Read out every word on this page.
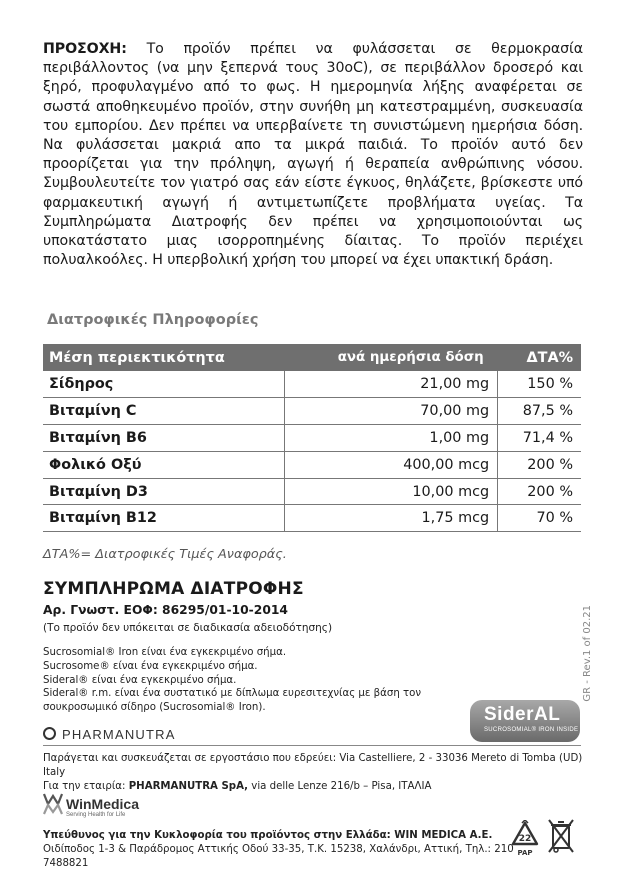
ΠΡΟΣΟΧΗ: Το προϊόν πρέπει να φυλάσσεται σε θερμοκρασία περιβάλλοντος (να μην ξεπερνά τους 30oC), σε περιβάλλον δροσερό και ξηρό, προφυλαγμένο από το φως. Η ημερομηνία λήξης αναφέρεται σε σωστά αποθηκευμένο προϊόν, στην συνήθη μη κατεστραμμένη, συσκευασία του εμπορίου. Δεν πρέπει να υπερβαίνετε τη συνιστώμενη ημερήσια δόση. Να φυλάσσεται μακριά απο τα μικρά παιδιά. Το προϊόν αυτό δεν προορίζεται για την πρόληψη, αγωγή ή θεραπεία ανθρώπινης νόσου. Συμβουλευτείτε τον γιατρό σας εάν είστε έγκυος, θηλάζετε, βρίσκεστε υπό φαρμακευτική αγωγή ή αντιμετωπίζετε προβλήματα υγείας. Τα Συμπληρώματα Διατροφής δεν πρέπει να χρησιμοποιούνται ως υποκατάστατο μιας ισορροπημένης δίαιτας. Το προϊόν περιέχει πολυαλκοόλες. Η υπερβολική χρήση του μπορεί να έχει υπακτική δράση.
Διατροφικές Πληροφορίες
Μέση περιεκτικότητα	ανά ημερήσια δόση	ΔΤΑ%
Σίδηρος	21,00 mg	150 %
Βιταμίνη C	70,00 mg	87,5 %
Βιταμίνη B6	1,00 mg	71,4 %
Φολικό Οξύ	400,00 mcg	200 %
Βιταμίνη D3	10,00 mcg	200 %
Βιταμίνη B12	1,75 mcg	70 %
ΔΤΑ%= Διατροφικές Τιμές Αναφοράς.
ΣΥΜΠΛΗΡΩΜΑ ΔΙΑΤΡΟΦΗΣ
Αρ. Γνωστ. ΕΟΦ: 86295/01-10-2014
(Το προϊόν δεν υπόκειται σε διαδικασία αδειοδότησης)
Sucrosomial® Iron είναι ένα εγκεκριμένο σήμα.
Sucrosome® είναι ένα εγκεκριμένο σήμα.
Sideral® είναι ένα εγκεκριμένο σήμα.
Sideral® r.m. είναι ένα συστατικό με δίπλωμα ευρεσιτεχνίας με βάση τον σουκροσωμικό σίδηρο (Sucrosomial® Iron).
GR - Rev.1 of 02.21
SiderAL
SUCROSOMIAL® IRON INSIDE
PHARMANUTRA
Παράγεται και συσκευάζεται σε εργοστάσιο που εδρεύει: Via Castelliere, 2 - 33036 Mereto di Tomba (UD) Italy
Για την εταιρία: PHARMANUTRA SpA, via delle Lenze 216/b – Pisa, ΙΤΑΛΙΑ
WinMedica
Serving Health for Life
Υπεύθυνος για την Κυκλοφορία του προϊόντος στην Ελλάδα: WIN MEDICA A.E.
Οιδίποδος 1-3 & Παράδρομος Αττικής Οδού 33-35, Τ.Κ. 15238, Χαλάνδρι, Αττική, Τηλ.: 210 7488821
22
PAP
